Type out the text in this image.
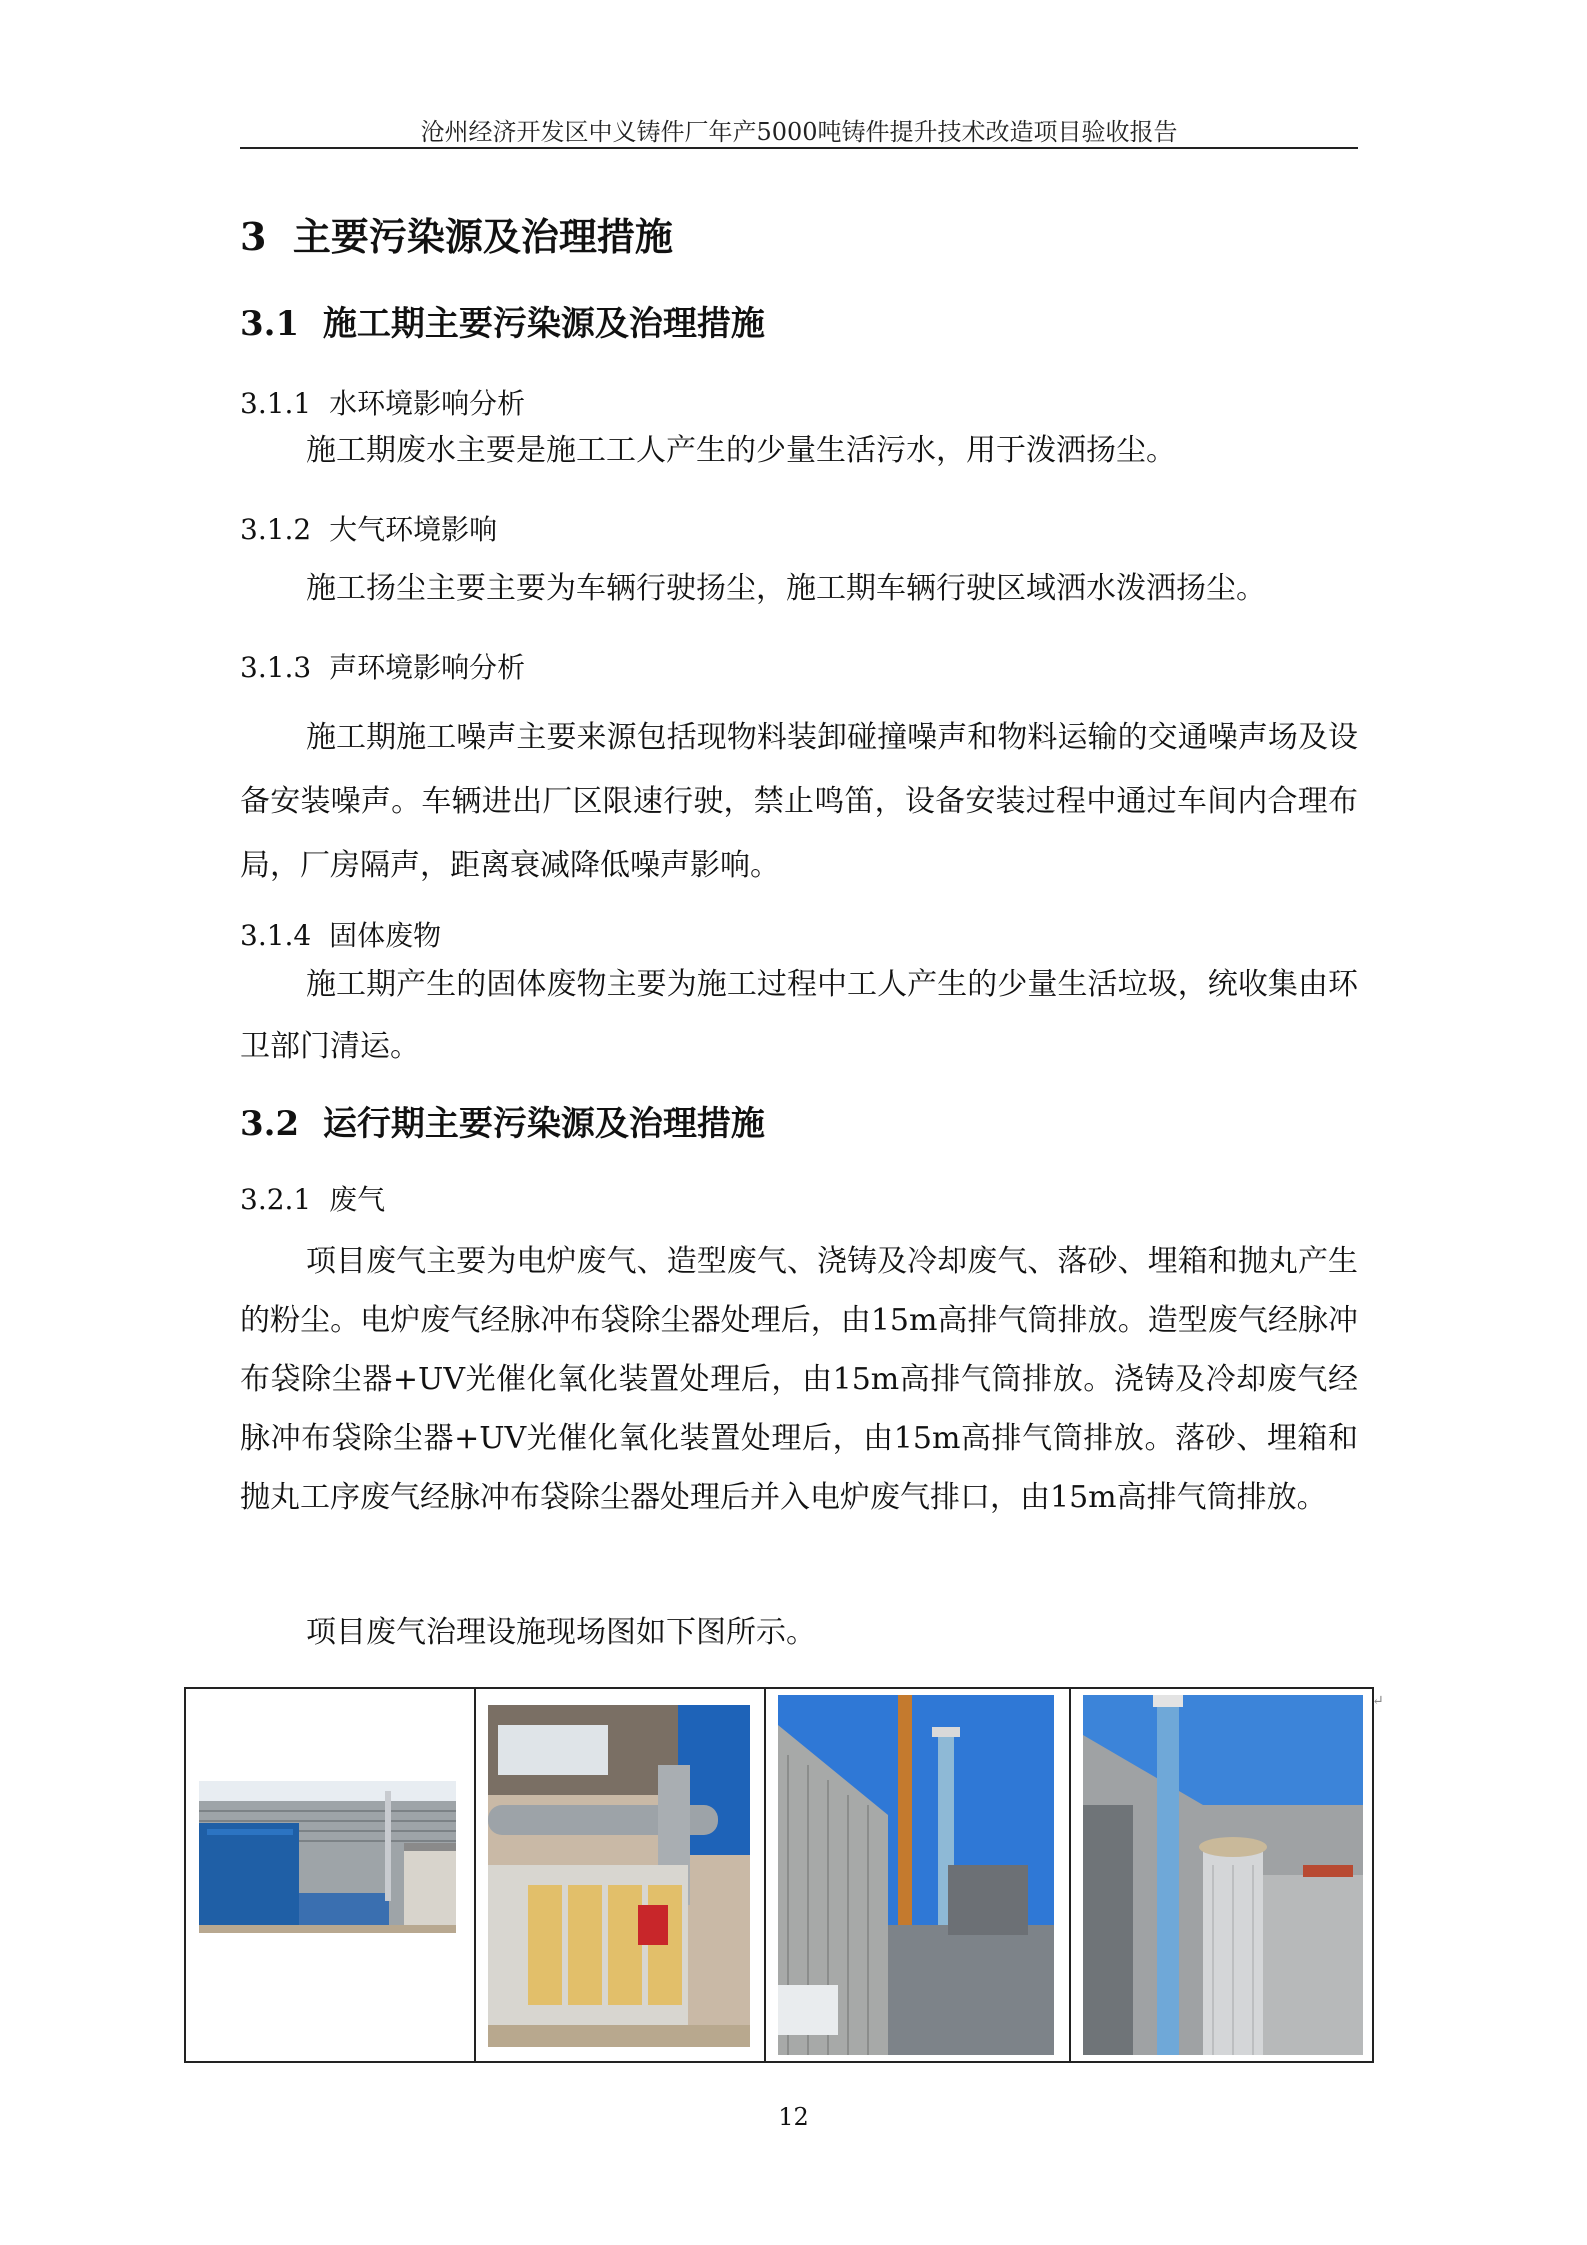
沧州经济开发区中义铸件厂年产5000吨铸件提升技术改造项目验收报告
3 主要污染源及治理措施
3.1 施工期主要污染源及治理措施
3.1.1 水环境影响分析
施工期废水主要是施工工人产生的少量生活污水，用于泼洒扬尘。
3.1.2 大气环境影响
施工扬尘主要主要为车辆行驶扬尘，施工期车辆行驶区域洒水泼洒扬尘。
3.1.3 声环境影响分析
施工期施工噪声主要来源包括现物料装卸碰撞噪声和物料运输的交通噪声场及设备安装噪声。车辆进出厂区限速行驶，禁止鸣笛，设备安装过程中通过车间内合理布局，厂房隔声，距离衰减降低噪声影响。
3.1.4 固体废物
施工期产生的固体废物主要为施工过程中工人产生的少量生活垃圾，统收集由环卫部门清运。
3.2 运行期主要污染源及治理措施
3.2.1 废气
项目废气主要为电炉废气、造型废气、浇铸及冷却废气、落砂、埋箱和抛丸产生的粉尘。电炉废气经脉冲布袋除尘器处理后，由15m高排气筒排放。造型废气经脉冲布袋除尘器+UV光催化氧化装置处理后，由15m高排气筒排放。浇铸及冷却废气经脉冲布袋除尘器+UV光催化氧化装置处理后，由15m高排气筒排放。落砂、埋箱和抛丸工序废气经脉冲布袋除尘器处理后并入电炉废气排口，由15m高排气筒排放。
项目废气治理设施现场图如下图所示。
↵
12
